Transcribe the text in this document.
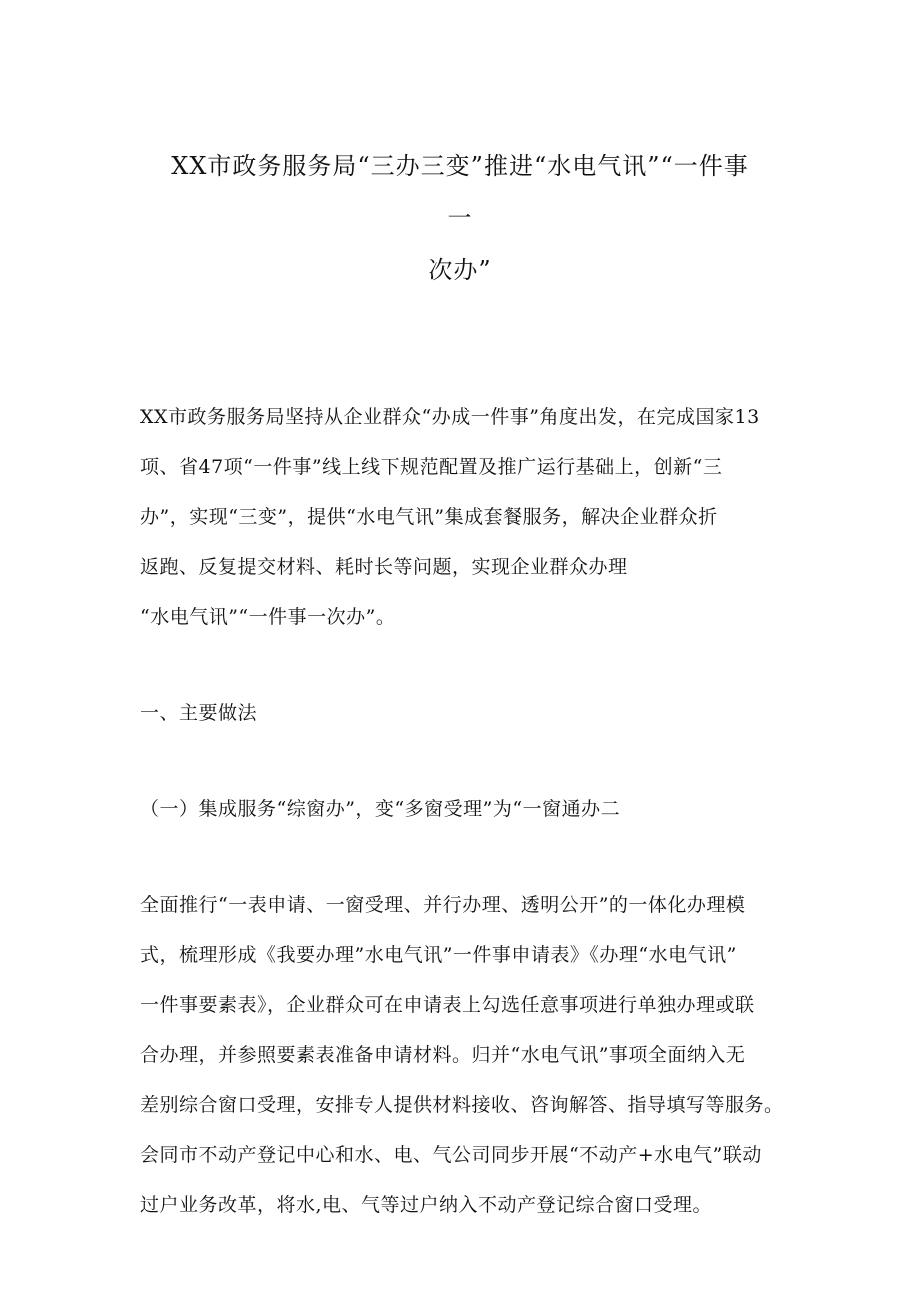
XX市政务服务局“三办三变”推进“水电气讯”“一件事
一
次办”

XX市政务服务局坚持从企业群众“办成一件事”角度出发，在完成国家13
项、省47项“一件事”线上线下规范配置及推广运行基础上，创新“三
办”，实现“三变”，提供“水电气讯”集成套餐服务，解决企业群众折
返跑、反复提交材料、耗时长等问题，实现企业群众办理
“水电气讯”“一件事一次办”。

一、主要做法

（一）集成服务“综窗办”，变“多窗受理”为“一窗通办二

全面推行“一表申请、一窗受理、并行办理、透明公开”的一体化办理模
式，梳理形成《我要办理”水电气讯”一件事申请表》《办理“水电气讯”
一件事要素表》，企业群众可在申请表上勾选任意事项进行单独办理或联
合办理，并参照要素表准备申请材料。归并“水电气讯”事项全面纳入无
差别综合窗口受理，安排专人提供材料接收、咨询解答、指导填写等服务。
会同市不动产登记中心和水、电、气公司同步开展“不动产+水电气”联动
过户业务改革，将水,电、气等过户纳入不动产登记综合窗口受理。
